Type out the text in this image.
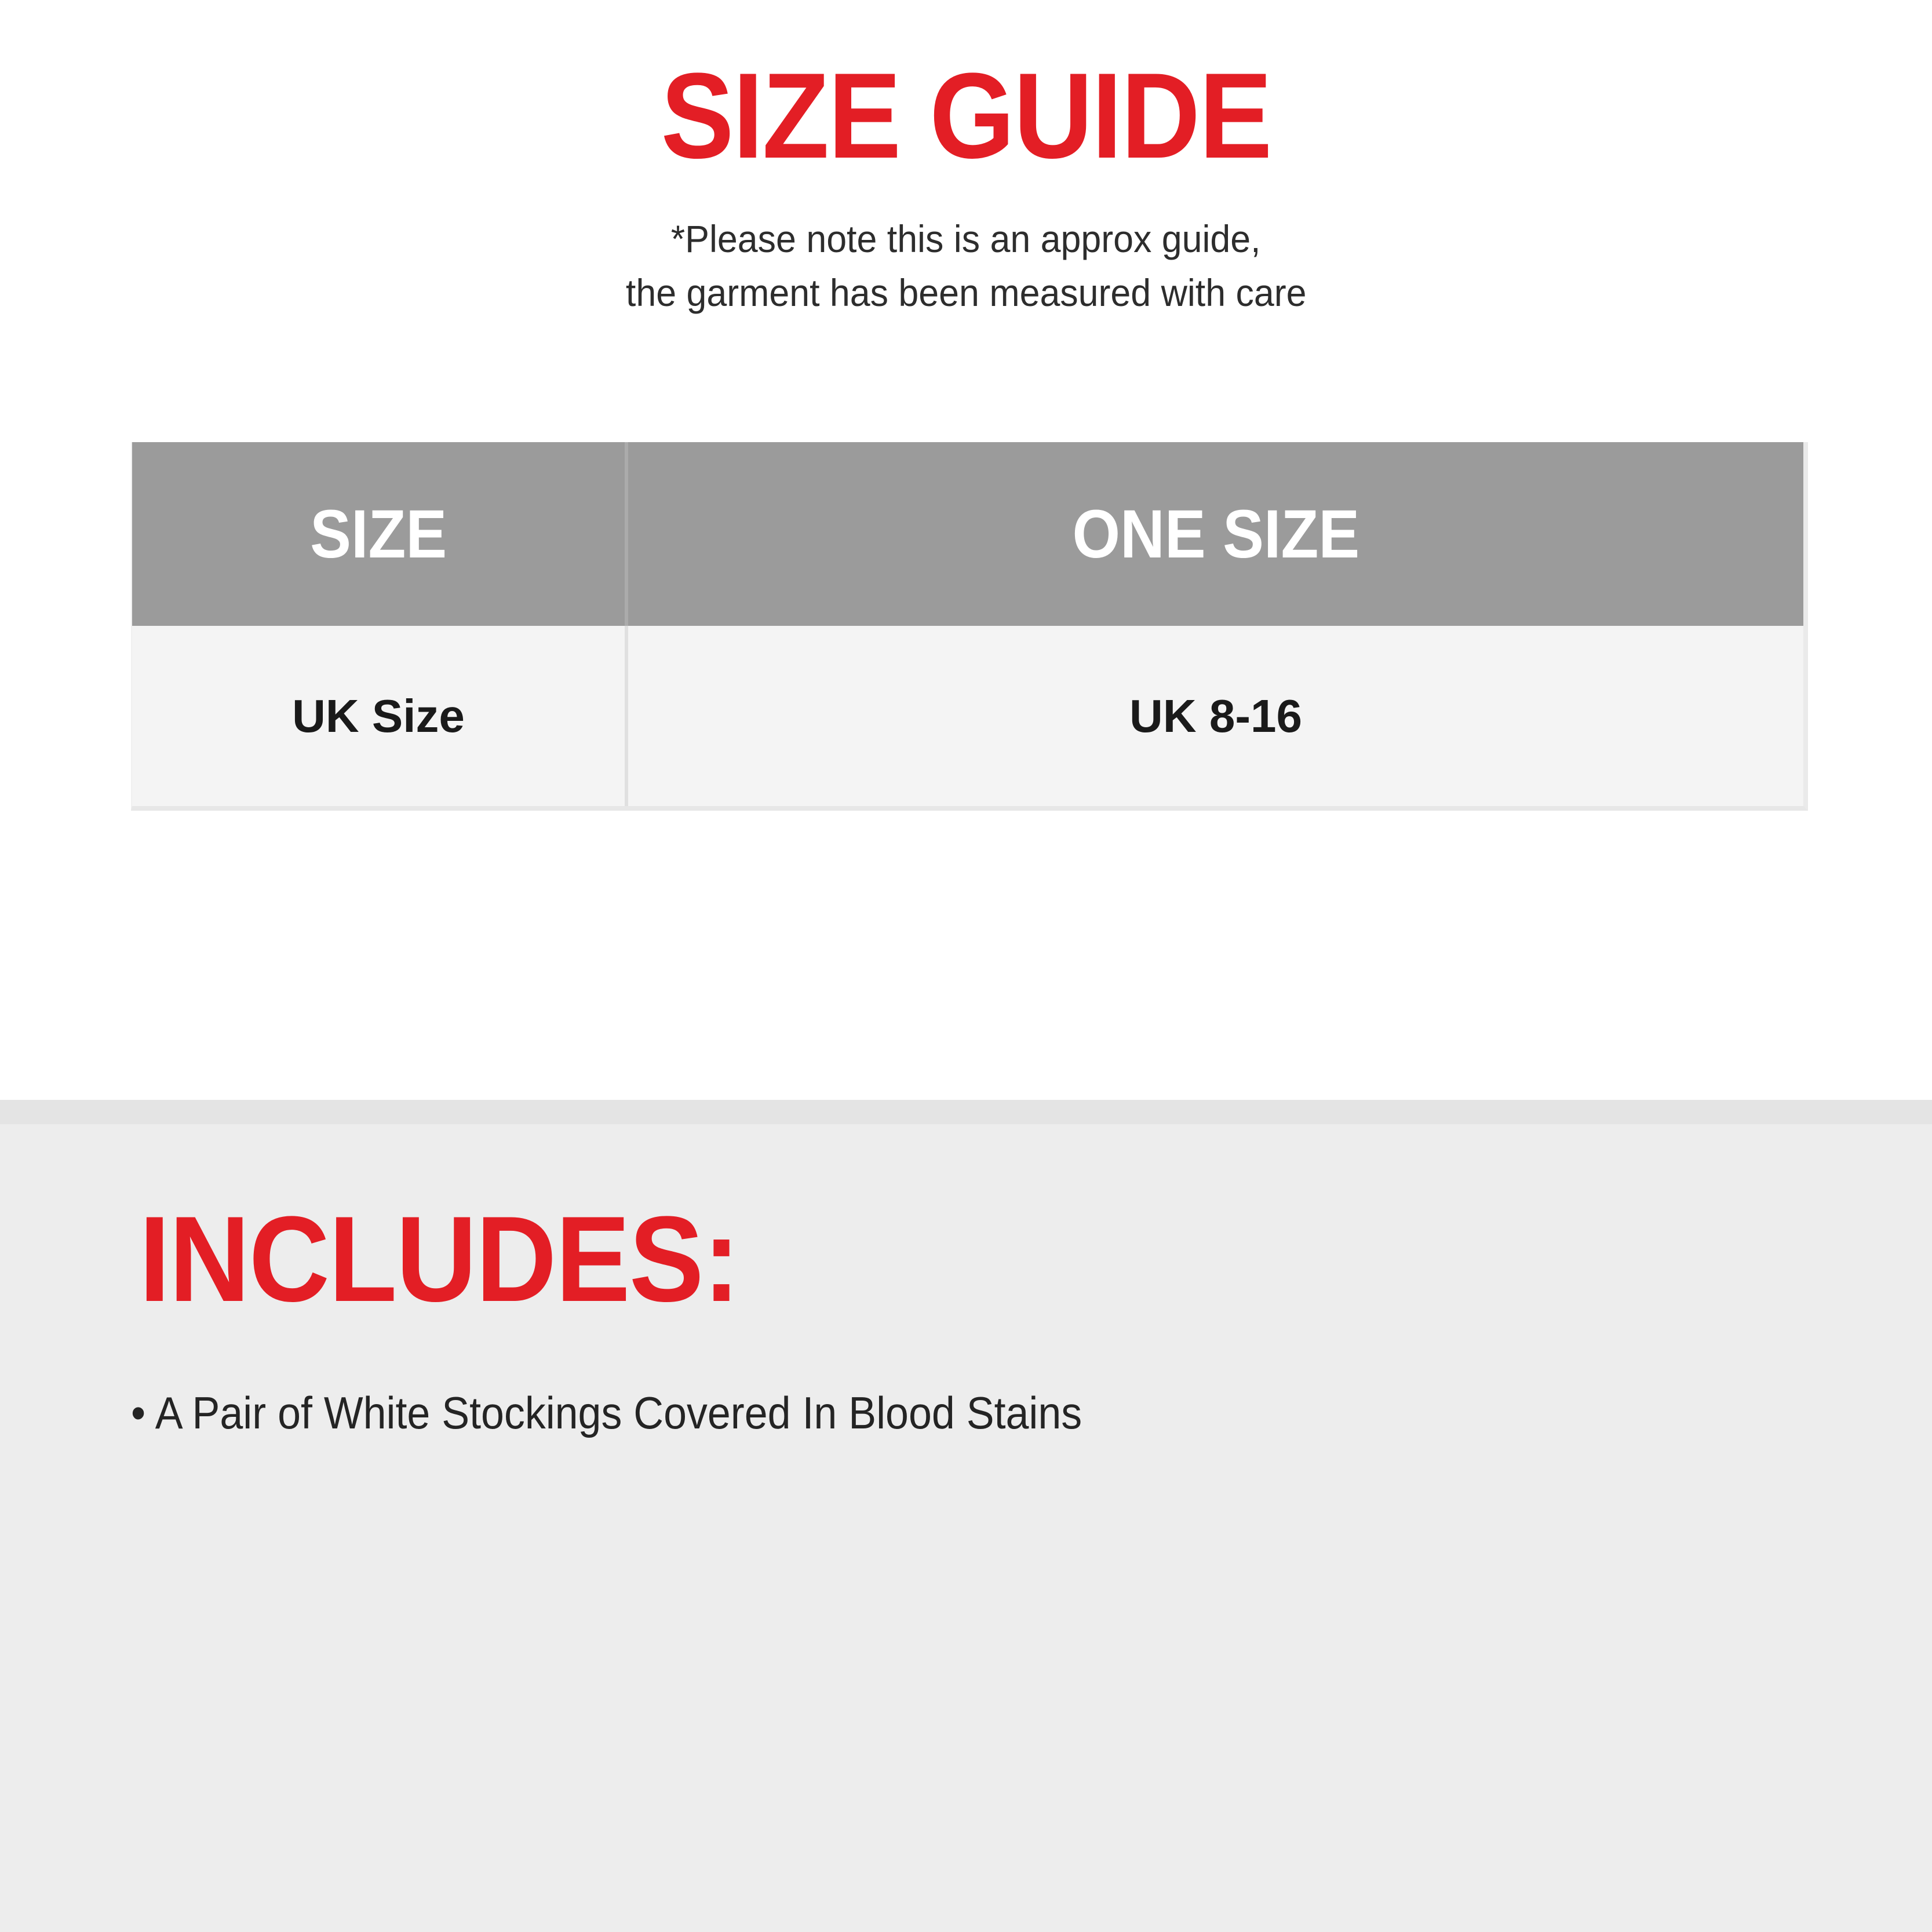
SIZE GUIDE
*Please note this is an approx guide,
the garment has been measured with care
SIZE	ONE SIZE
UK Size	UK 8-16
INCLUDES:
• A Pair of White Stockings Covered In Blood Stains
